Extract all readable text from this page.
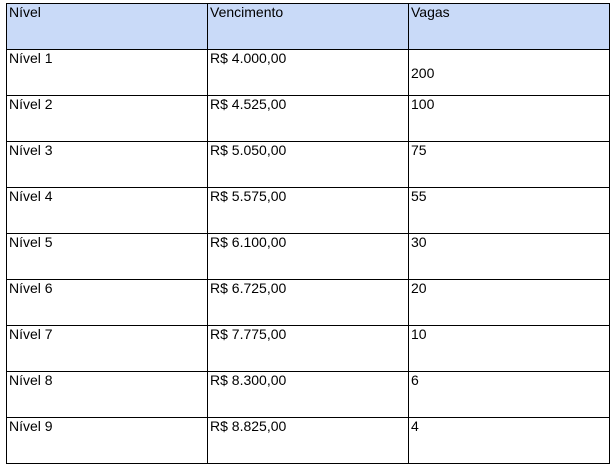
Nível	Vencimento	Vagas
Nível 1	R$ 4.000,00	200
Nível 2	R$ 4.525,00	100
Nível 3	R$ 5.050,00	75
Nível 4	R$ 5.575,00	55
Nível 5	R$ 6.100,00	30
Nível 6	R$ 6.725,00	20
Nível 7	R$ 7.775,00	10
Nível 8	R$ 8.300,00	6
Nível 9	R$ 8.825,00	4
